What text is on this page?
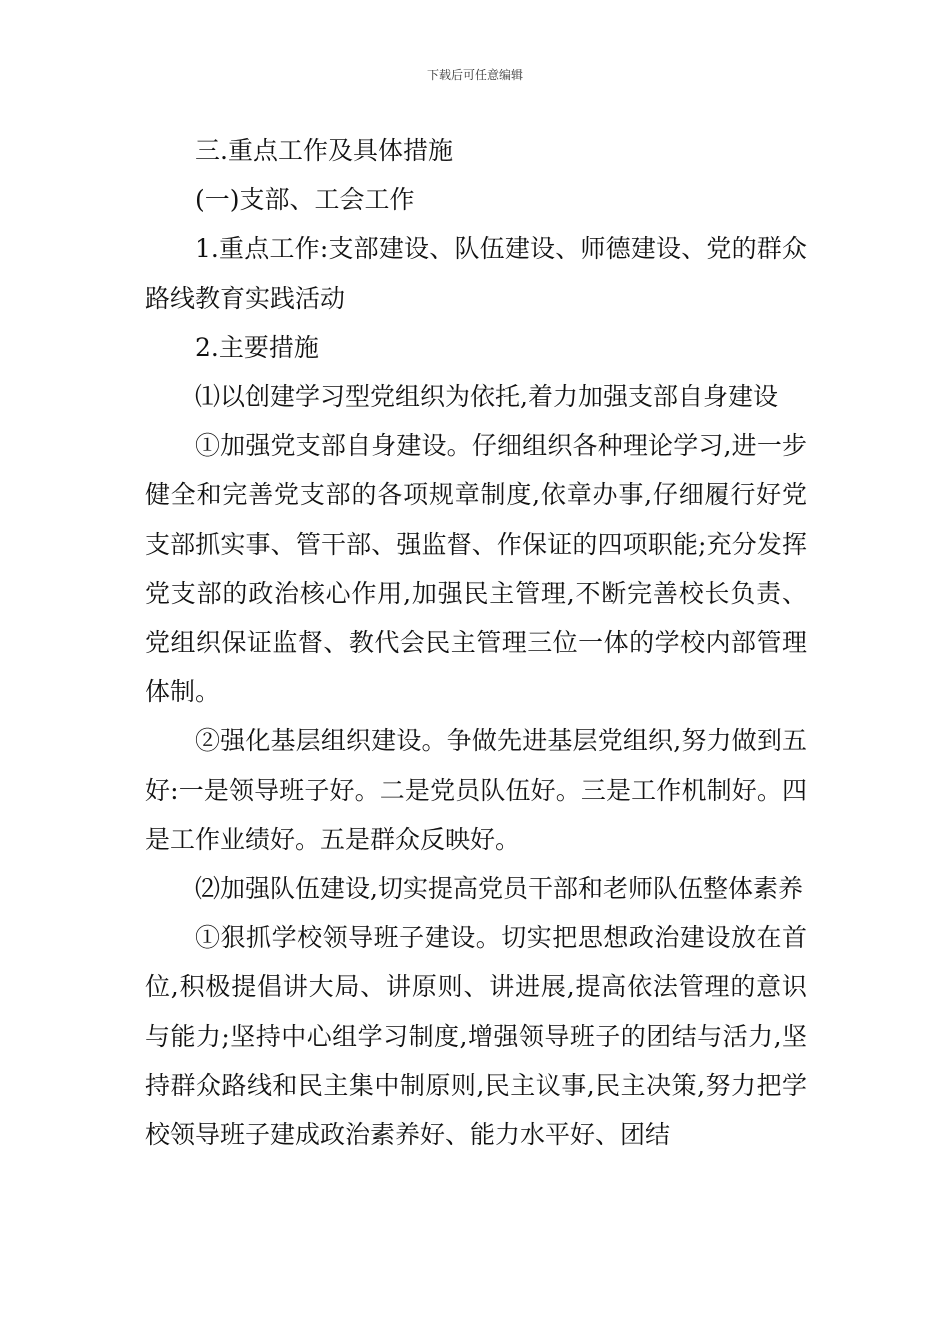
下载后可任意编辑

三.重点工作及具体措施

(一)支部、工会工作

1.重点工作:支部建设、队伍建设、师德建设、党的群众路线教育实践活动

2.主要措施

⑴以创建学习型党组织为依托,着力加强支部自身建设

①加强党支部自身建设。仔细组织各种理论学习,进一步健全和完善党支部的各项规章制度,依章办事,仔细履行好党支部抓实事、管干部、强监督、作保证的四项职能;充分发挥党支部的政治核心作用,加强民主管理,不断完善校长负责、党组织保证监督、教代会民主管理三位一体的学校内部管理体制。

②强化基层组织建设。争做先进基层党组织,努力做到五好:一是领导班子好。二是党员队伍好。三是工作机制好。四是工作业绩好。五是群众反映好。

⑵加强队伍建设,切实提高党员干部和老师队伍整体素养

①狠抓学校领导班子建设。切实把思想政治建设放在首位,积极提倡讲大局、讲原则、讲进展,提高依法管理的意识与能力;坚持中心组学习制度,增强领导班子的团结与活力,坚持群众路线和民主集中制原则,民主议事,民主决策,努力把学校领导班子建成政治素养好、能力水平好、团结
